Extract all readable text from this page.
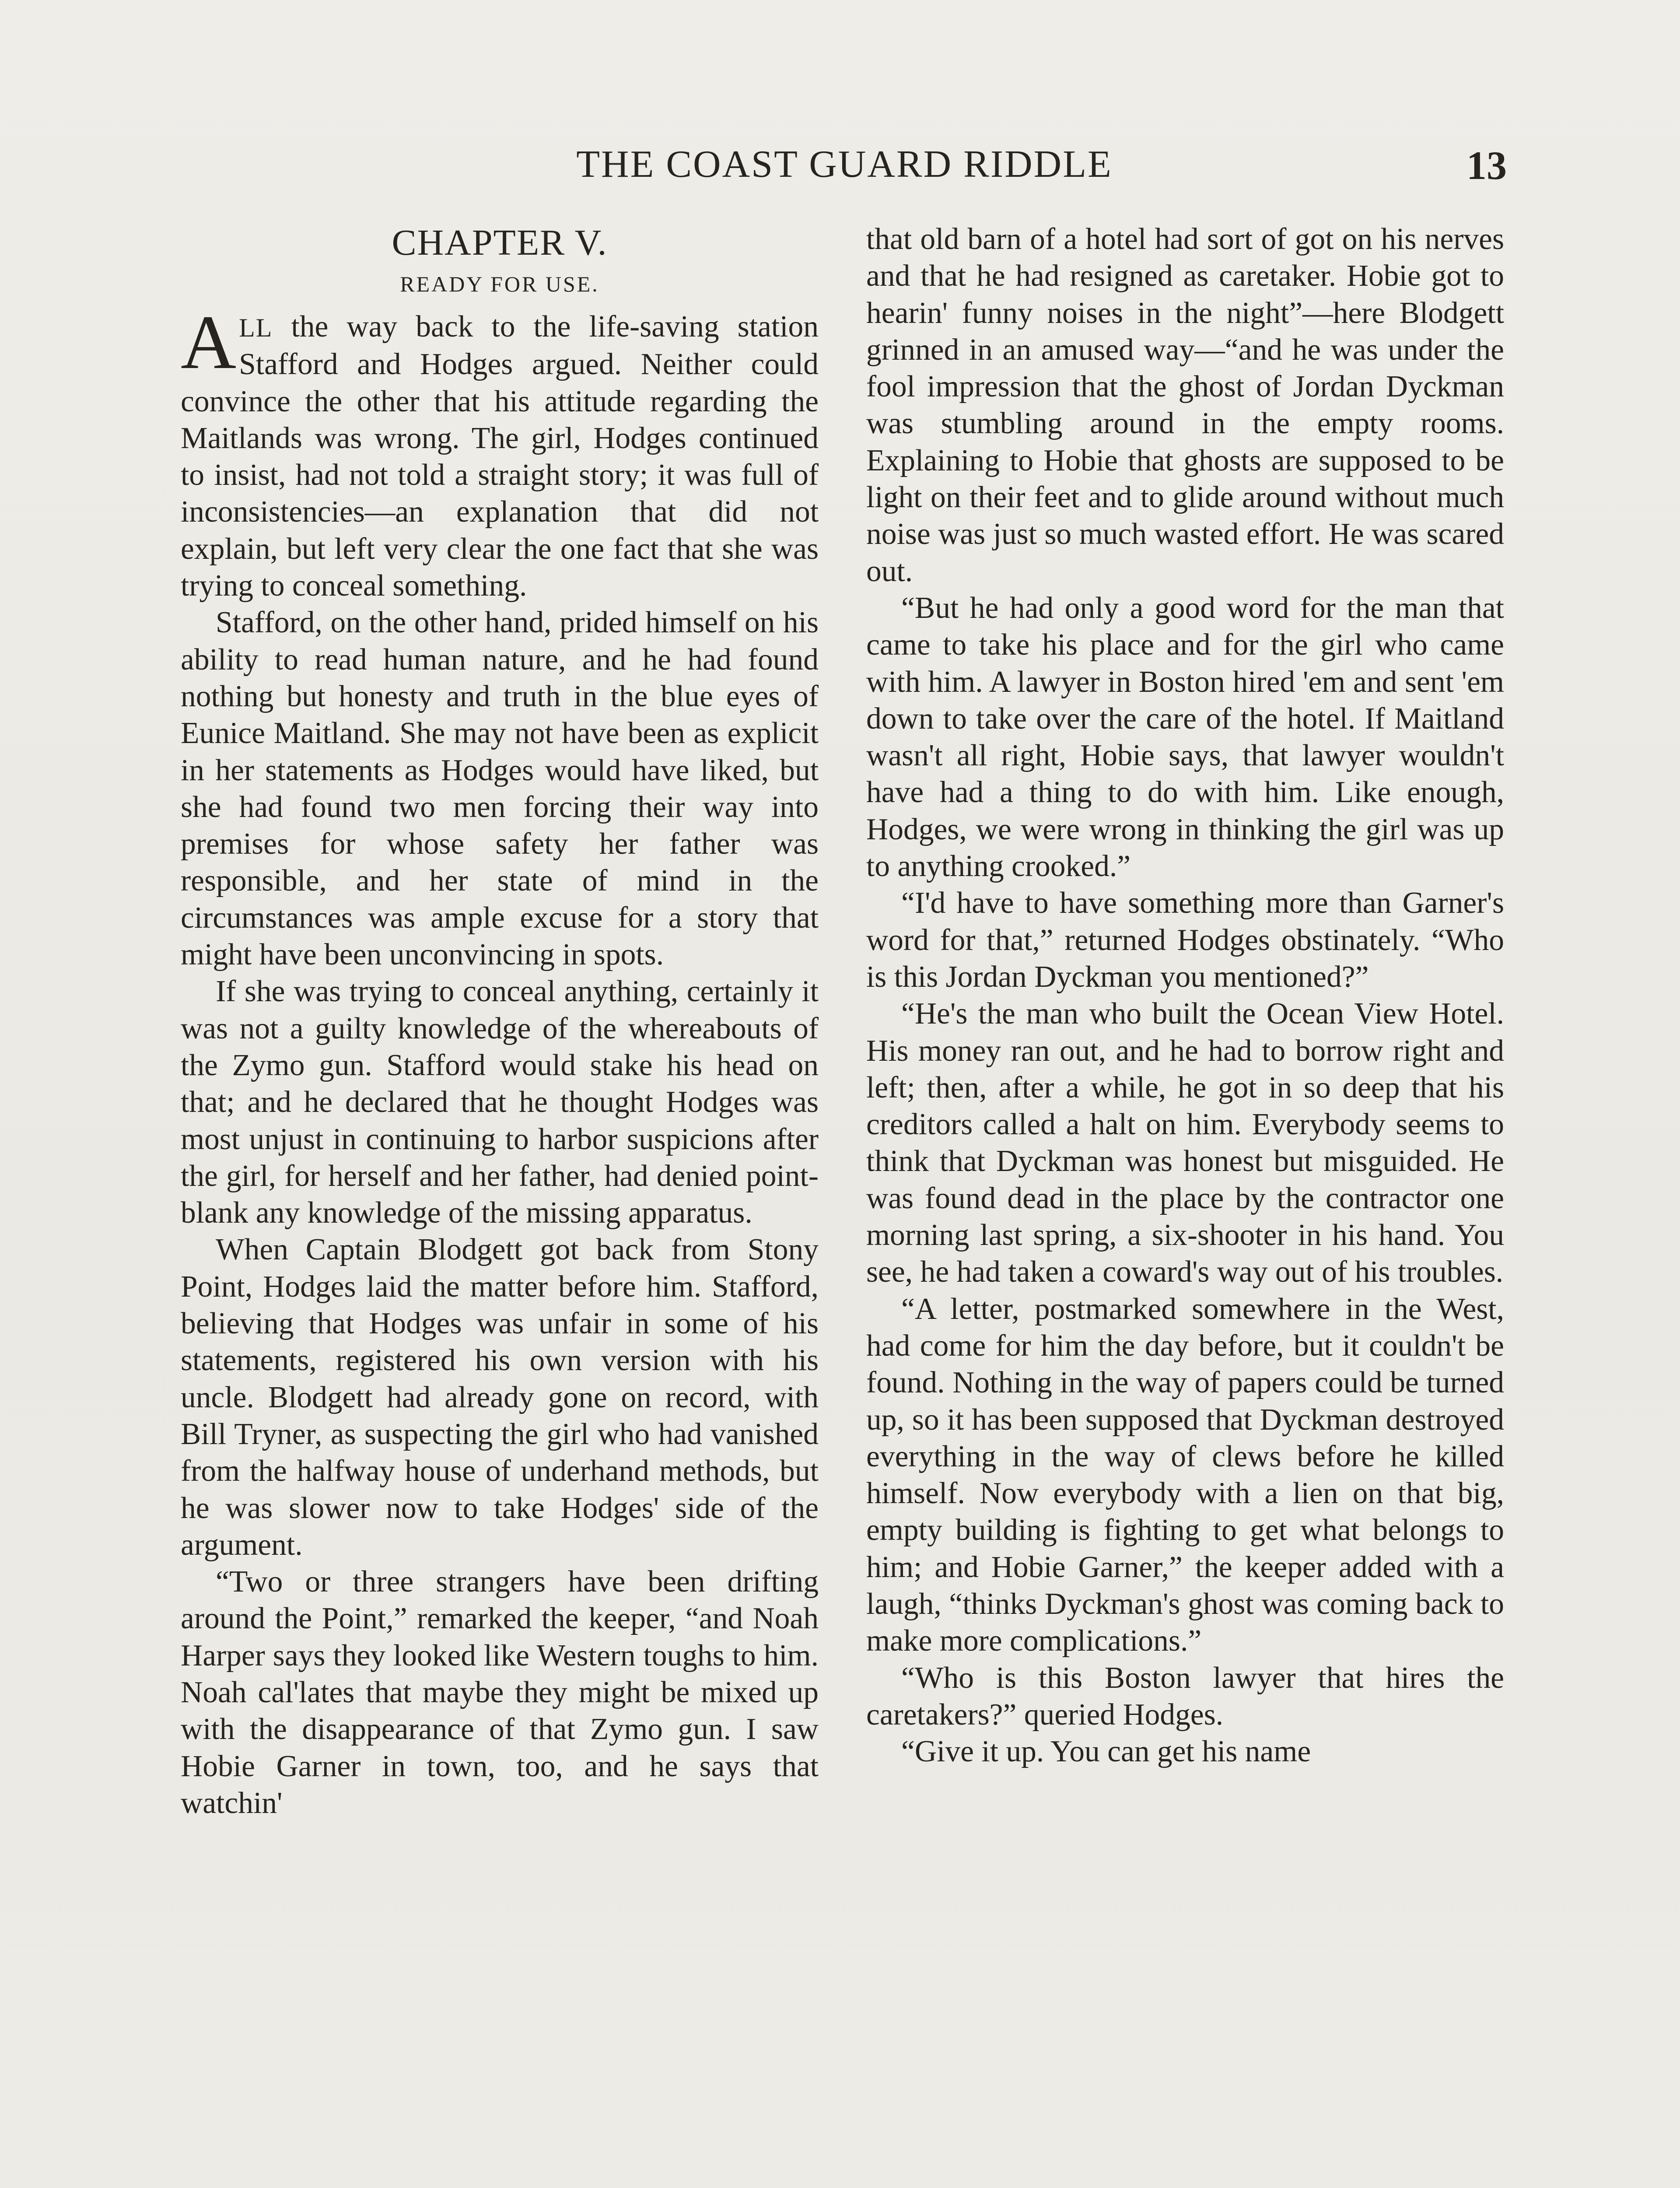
THE COAST GUARD RIDDLE	13
CHAPTER V.
READY FOR USE.

ALL the way back to the life-saving station Stafford and Hodges argued. Neither could convince the other that his attitude regarding the Maitlands was wrong. The girl, Hodges continued to insist, had not told a straight story; it was full of inconsistencies—an explanation that did not explain, but left very clear the one fact that she was trying to conceal something.

Stafford, on the other hand, prided himself on his ability to read human nature, and he had found nothing but honesty and truth in the blue eyes of Eunice Maitland. She may not have been as explicit in her statements as Hodges would have liked, but she had found two men forcing their way into premises for whose safety her father was responsible, and her state of mind in the circumstances was ample excuse for a story that might have been unconvincing in spots.

If she was trying to conceal anything, certainly it was not a guilty knowledge of the whereabouts of the Zymo gun. Stafford would stake his head on that; and he declared that he thought Hodges was most unjust in continuing to harbor suspicions after the girl, for herself and her father, had denied point-blank any knowledge of the missing apparatus.

When Captain Blodgett got back from Stony Point, Hodges laid the matter before him. Stafford, believing that Hodges was unfair in some of his statements, registered his own version with his uncle. Blodgett had already gone on record, with Bill Tryner, as suspecting the girl who had vanished from the halfway house of underhand methods, but he was slower now to take Hodges' side of the argument.

“Two or three strangers have been drifting around the Point,” remarked the keeper, “and Noah Harper says they looked like Western toughs to him. Noah cal'lates that maybe they might be mixed up with the disappearance of that Zymo gun. I saw Hobie Garner in town, too, and he says that watchin'

that old barn of a hotel had sort of got on his nerves and that he had resigned as caretaker. Hobie got to hearin' funny noises in the night”—here Blodgett grinned in an amused way—“and he was under the fool impression that the ghost of Jordan Dyckman was stumbling around in the empty rooms. Explaining to Hobie that ghosts are supposed to be light on their feet and to glide around without much noise was just so much wasted effort. He was scared out.

“But he had only a good word for the man that came to take his place and for the girl who came with him. A lawyer in Boston hired 'em and sent 'em down to take over the care of the hotel. If Maitland wasn't all right, Hobie says, that lawyer wouldn't have had a thing to do with him. Like enough, Hodges, we were wrong in thinking the girl was up to anything crooked.”

“I'd have to have something more than Garner's word for that,” returned Hodges obstinately. “Who is this Jordan Dyckman you mentioned?”

“He's the man who built the Ocean View Hotel. His money ran out, and he had to borrow right and left; then, after a while, he got in so deep that his creditors called a halt on him. Everybody seems to think that Dyckman was honest but misguided. He was found dead in the place by the contractor one morning last spring, a six-shooter in his hand. You see, he had taken a coward's way out of his troubles.

“A letter, postmarked somewhere in the West, had come for him the day before, but it couldn't be found. Nothing in the way of papers could be turned up, so it has been supposed that Dyckman destroyed everything in the way of clews before he killed himself. Now everybody with a lien on that big, empty building is fighting to get what belongs to him; and Hobie Garner,” the keeper added with a laugh, “thinks Dyckman's ghost was coming back to make more complications.”

“Who is this Boston lawyer that hires the caretakers?” queried Hodges.

“Give it up. You can get his name
